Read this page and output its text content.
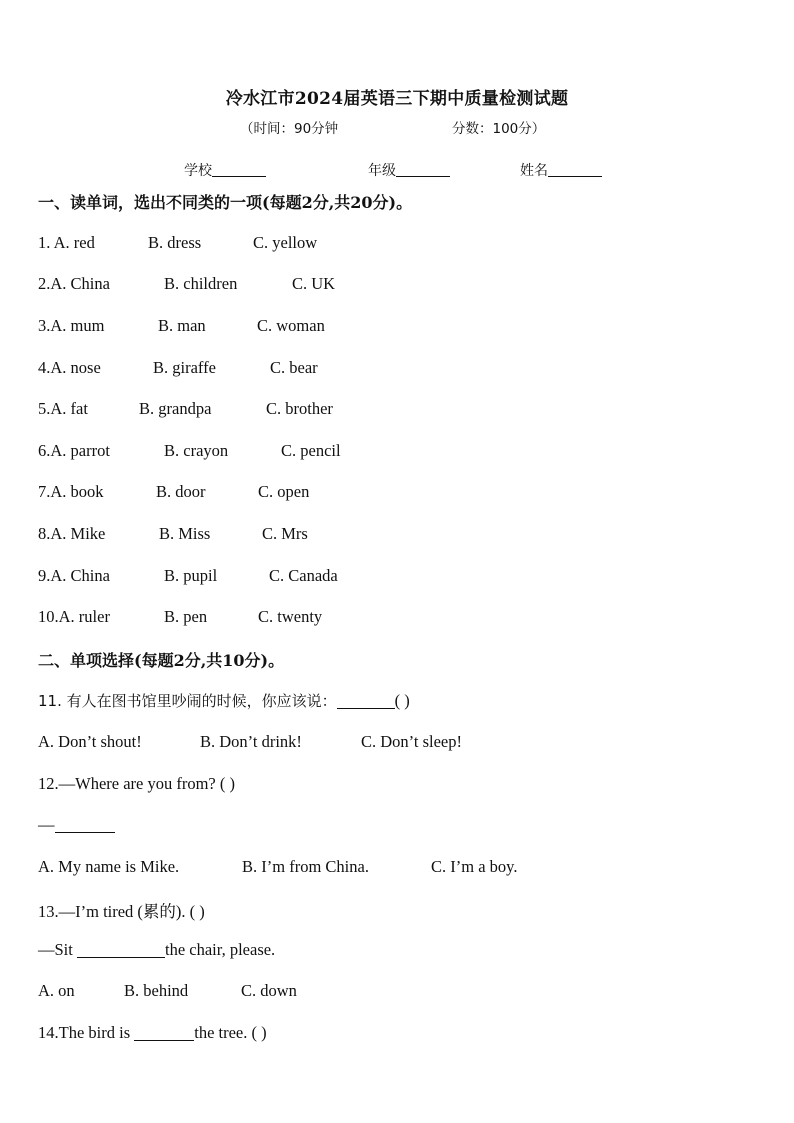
冷水江市2024届英语三下期中质量检测试题
（时间：90分钟	分数：100分）
学校	年级	姓名
一、读单词，选出不同类的一项(每题2分,共20分)。
1. A. red	B. dress	C. yellow
2.A. China	B. children	C. UK
3.A. mum	B. man	C. woman
4.A. nose	B. giraffe	C. bear
5.A. fat	B. grandpa	C. brother
6.A. parrot	B. crayon	C. pencil
7.A. book	B. door	C. open
8.A. Mike	B. Miss	C. Mrs
9.A. China	B. pupil	C. Canada
10.A. ruler	B. pen	C. twenty
二、单项选择(每题2分,共10分)。
11. 有人在图书馆里吵闹的时候，你应该说：	( )
A. Don’t shout!	B. Don’t drink!	C. Don’t sleep!
12.—Where are you from? ( )
—
A. My name is Mike.	B. I’m from China.	C. I’m a boy.
13.—I’m tired (累的). ( )
—Sit	the chair, please.
A. on	B. behind	C. down
14.The bird is	the tree. ( )
